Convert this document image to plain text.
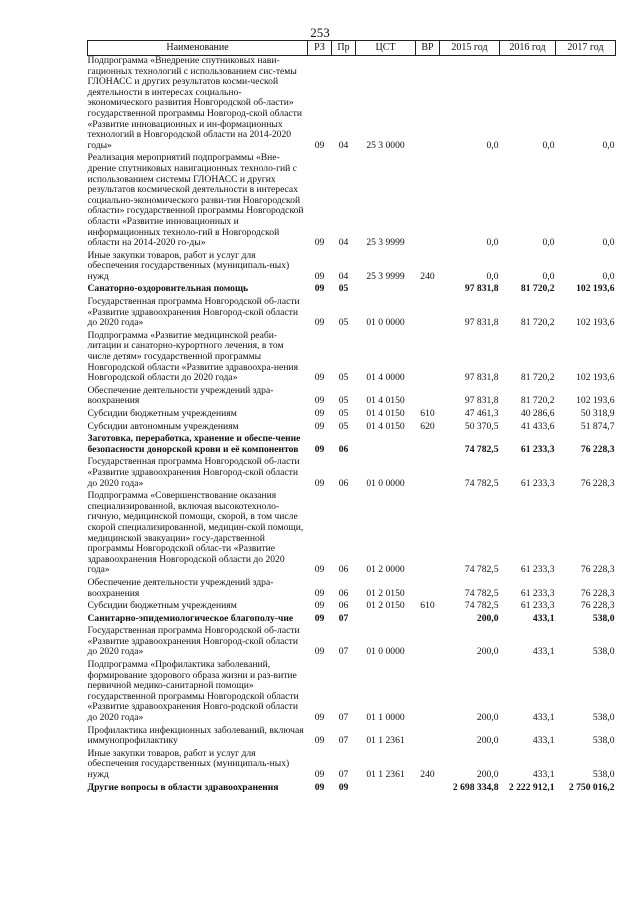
253
Наименование	РЗ	Пр	ЦСТ	ВР	2015 год	2016 год	2017 год
Подпрограмма «Внедрение спутниковых нави-гационных технологий с использованием сис-темы ГЛОНАСС и других результатов косми-ческой деятельности в интересах социально-экономического развития Новгородской об-ласти» государственной программы Новгород-ской области «Развитие инновационных и ин-формационных технологий в Новгородской области на 2014-2020 годы»	09	04	25 3 0000		0,0	0,0	0,0
Реализация мероприятий подпрограммы «Вне-дрение спутниковых навигационных техноло-гий с использованием системы ГЛОНАСС и других результатов космической деятельности в интересах социально-экономического разви-тия Новгородской области» государственной программы Новгородской области «Развитие инновационных и информационных техноло-гий в Новгородской области на 2014-2020 го-ды»	09	04	25 3 9999		0,0	0,0	0,0
Иные закупки товаров, работ и услуг для обеспечения государственных (муниципаль-ных) нужд	09	04	25 3 9999	240	0,0	0,0	0,0
Санаторно-оздоровительная помощь	09	05			97 831,8	81 720,2	102 193,6
Государственная программа Новгородской об-ласти «Развитие здравоохранения Новгород-ской области до 2020 года»	09	05	01 0 0000		97 831,8	81 720,2	102 193,6
Подпрограмма «Развитие медицинской реаби-литации и санаторно-курортного лечения, в том числе детям» государственной программы Новгородской области «Развитие здравоохра-нения Новгородской области до 2020 года»	09	05	01 4 0000		97 831,8	81 720,2	102 193,6
Обеспечение деятельности учреждений здра-воохранения	09	05	01 4 0150		97 831,8	81 720,2	102 193,6
Субсидии бюджетным учреждениям	09	05	01 4 0150	610	47 461,3	40 286,6	50 318,9
Субсидии автономным учреждениям	09	05	01 4 0150	620	50 370,5	41 433,6	51 874,7
Заготовка, переработка, хранение и обеспе-чение безопасности донорской крови и её компонентов	09	06			74 782,5	61 233,3	76 228,3
Государственная программа Новгородской об-ласти «Развитие здравоохранения Новгород-ской области до 2020 года»	09	06	01 0 0000		74 782,5	61 233,3	76 228,3
Подпрограмма «Совершенствование оказания специализированной, включая высокотехноло-гичную, медицинской помощи, скорой, в том числе скорой специализированной, медицин-ской помощи, медицинской эвакуации» госу-дарственной программы Новгородской облас-ти «Развитие здравоохранения Новгородской области до 2020 года»	09	06	01 2 0000		74 782,5	61 233,3	76 228,3
Обеспечение деятельности учреждений здра-воохранения	09	06	01 2 0150		74 782,5	61 233,3	76 228,3
Субсидии бюджетным учреждениям	09	06	01 2 0150	610	74 782,5	61 233,3	76 228,3
Санитарно-эпидемиологическое благополу-чие	09	07			200,0	433,1	538,0
Государственная программа Новгородской об-ласти «Развитие здравоохранения Новгород-ской области до 2020 года»	09	07	01 0 0000		200,0	433,1	538,0
Подпрограмма «Профилактика заболеваний, формирование здорового образа жизни и раз-витие первичной медико-санитарной помощи» государственной программы Новгородской области «Развитие здравоохранения Новго-родской области до 2020 года»	09	07	01 1 0000		200,0	433,1	538,0
Профилактика инфекционных заболеваний, включая иммунопрофилактику	09	07	01 1 2361		200,0	433,1	538,0
Иные закупки товаров, работ и услуг для обеспечения государственных (муниципаль-ных) нужд	09	07	01 1 2361	240	200,0	433,1	538,0
Другие вопросы в области здравоохранения	09	09			2 698 334,8	2 222 912,1	2 750 016,2
